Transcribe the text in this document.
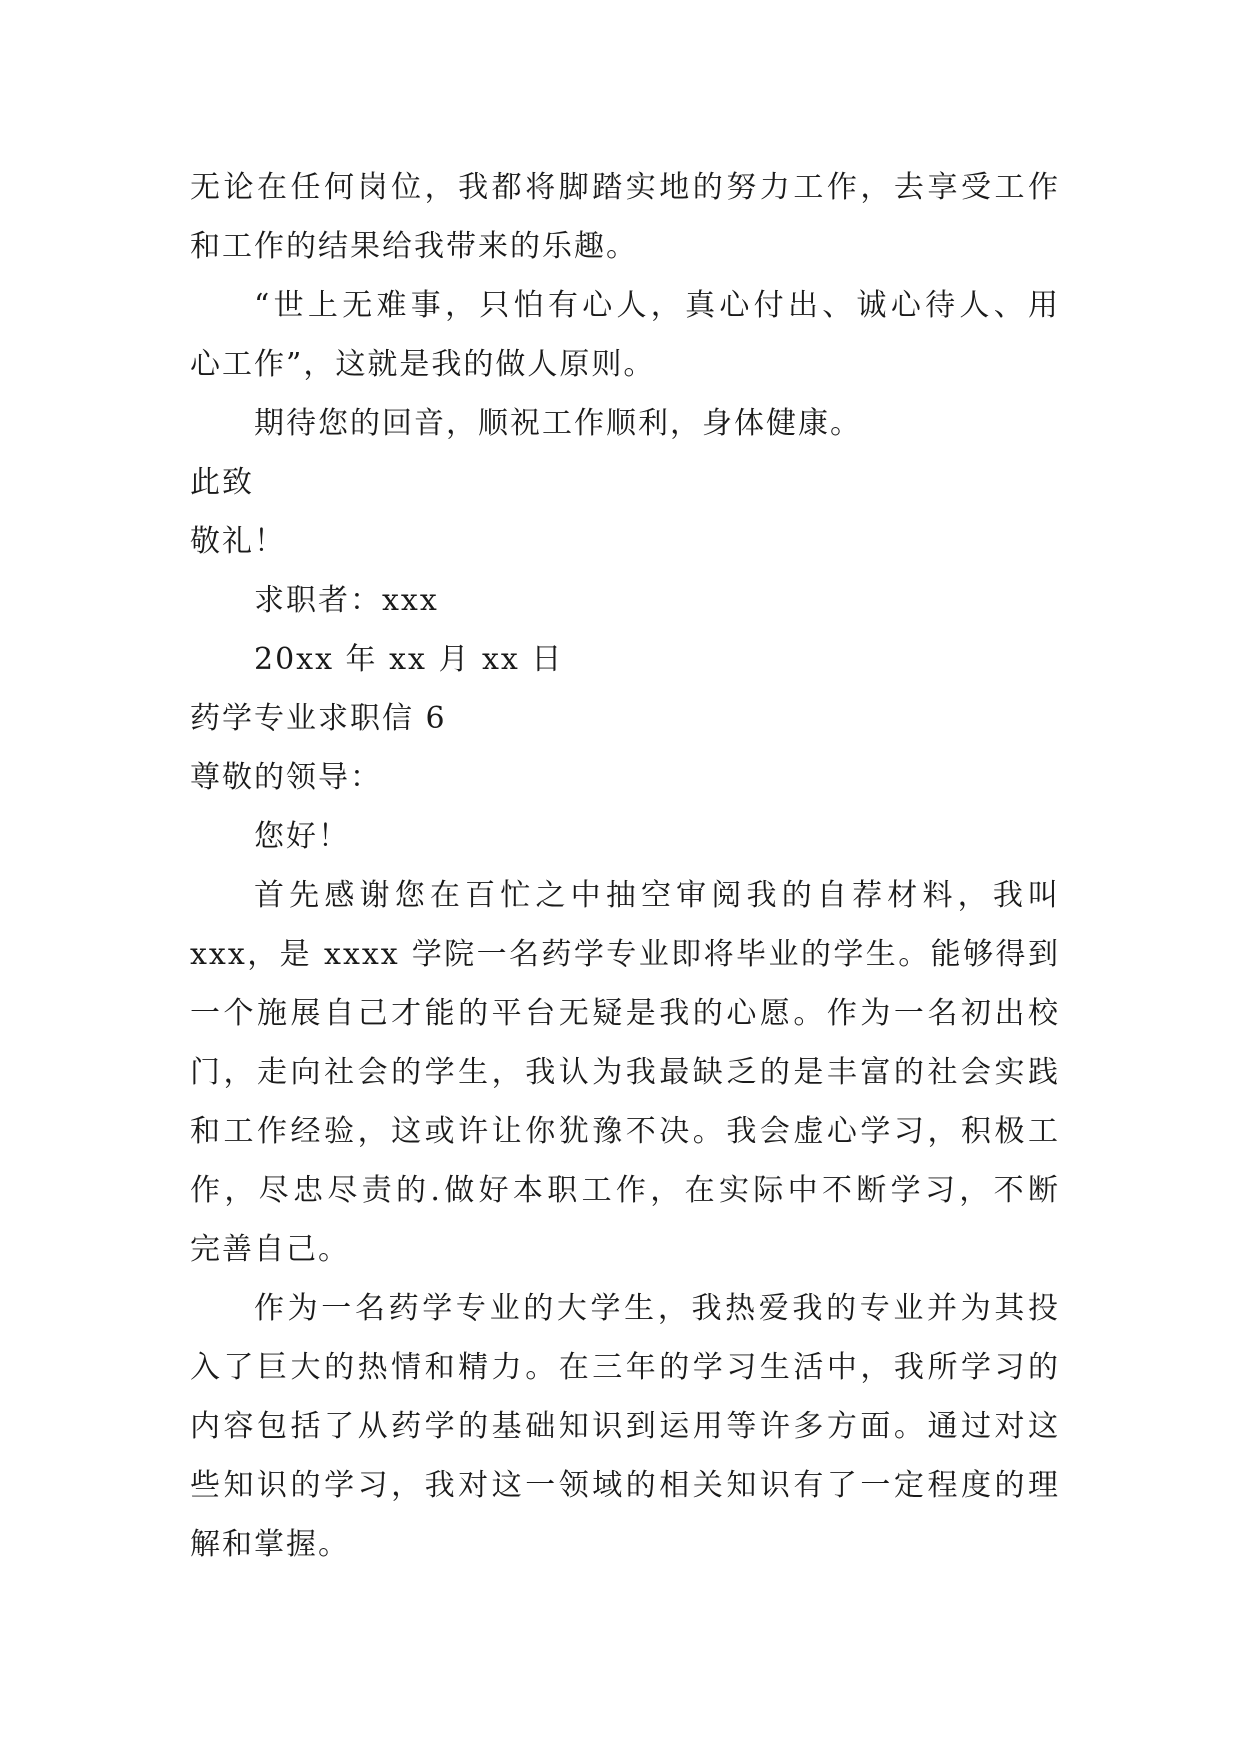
无论在任何岗位，我都将脚踏实地的努力工作，去享受工作
和工作的结果给我带来的乐趣。
“世上无难事，只怕有心人，真心付出、诚心待人、用
心工作”，这就是我的做人原则。
期待您的回音，顺祝工作顺利，身体健康。
此致
敬礼！
求职者：xxx
20xx 年 xx 月 xx 日
药学专业求职信 6
尊敬的领导：
您好！
首先感谢您在百忙之中抽空审阅我的自荐材料，我叫
xxx，是 xxxx 学院一名药学专业即将毕业的学生。能够得到
一个施展自己才能的平台无疑是我的心愿。作为一名初出校
门，走向社会的学生，我认为我最缺乏的是丰富的社会实践
和工作经验，这或许让你犹豫不决。我会虚心学习，积极工
作，尽忠尽责的.做好本职工作，在实际中不断学习，不断
完善自己。
作为一名药学专业的大学生，我热爱我的专业并为其投
入了巨大的热情和精力。在三年的学习生活中，我所学习的
内容包括了从药学的基础知识到运用等许多方面。通过对这
些知识的学习，我对这一领域的相关知识有了一定程度的理
解和掌握。
